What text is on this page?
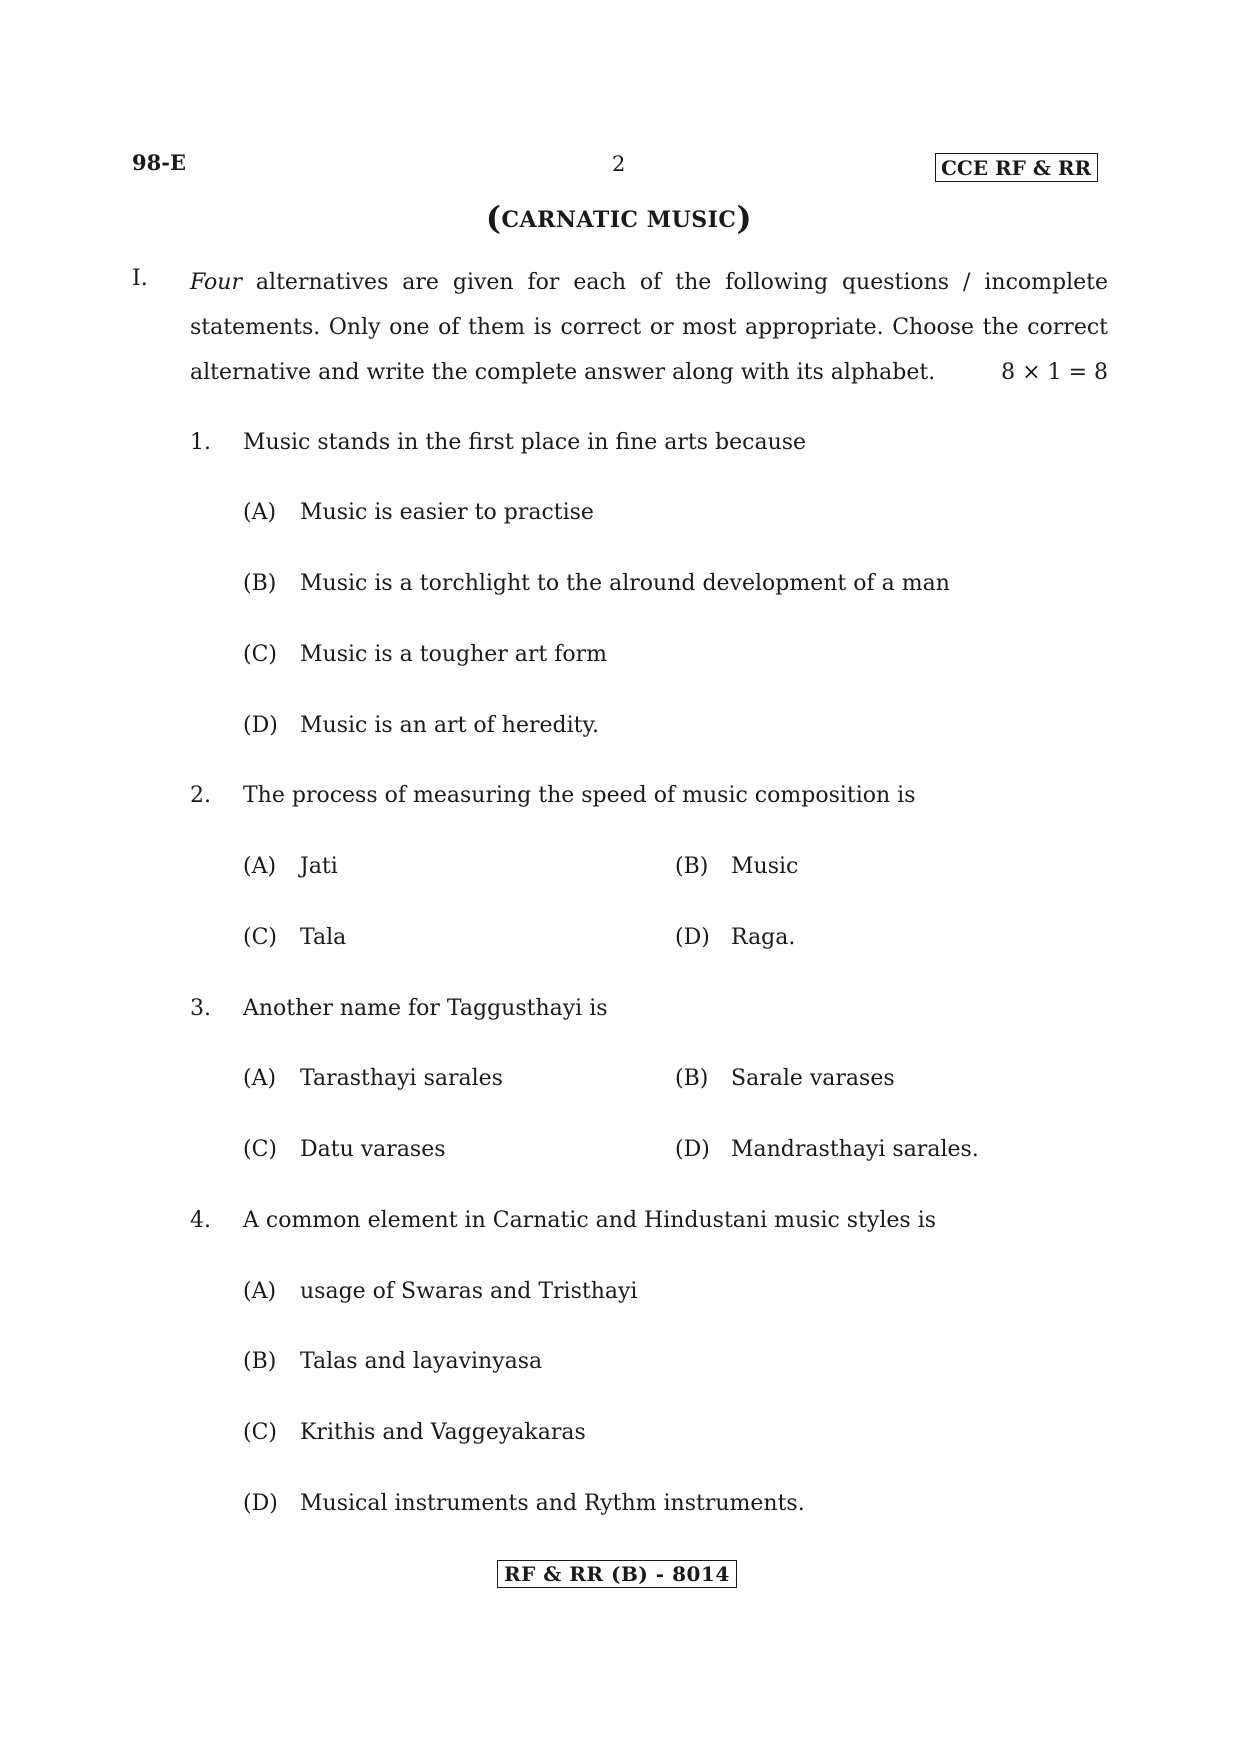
98-E	2	CCE RF & RR
(CARNATIC MUSIC)
I. Four alternatives are given for each of the following questions / incomplete
statements. Only one of them is correct or most appropriate. Choose the correct
alternative and write the complete answer along with its alphabet.	8 × 1 = 8
1. Music stands in the first place in fine arts because
(A) Music is easier to practise
(B) Music is a torchlight to the alround development of a man
(C) Music is a tougher art form
(D) Music is an art of heredity.
2. The process of measuring the speed of music composition is
(A) Jati	(B) Music
(C) Tala	(D) Raga.
3. Another name for Taggusthayi is
(A) Tarasthayi sarales	(B) Sarale varases
(C) Datu varases	(D) Mandrasthayi sarales.
4. A common element in Carnatic and Hindustani music styles is
(A) usage of Swaras and Tristhayi
(B) Talas and layavinyasa
(C) Krithis and Vaggeyakaras
(D) Musical instruments and Rythm instruments.
RF & RR (B) - 8014
